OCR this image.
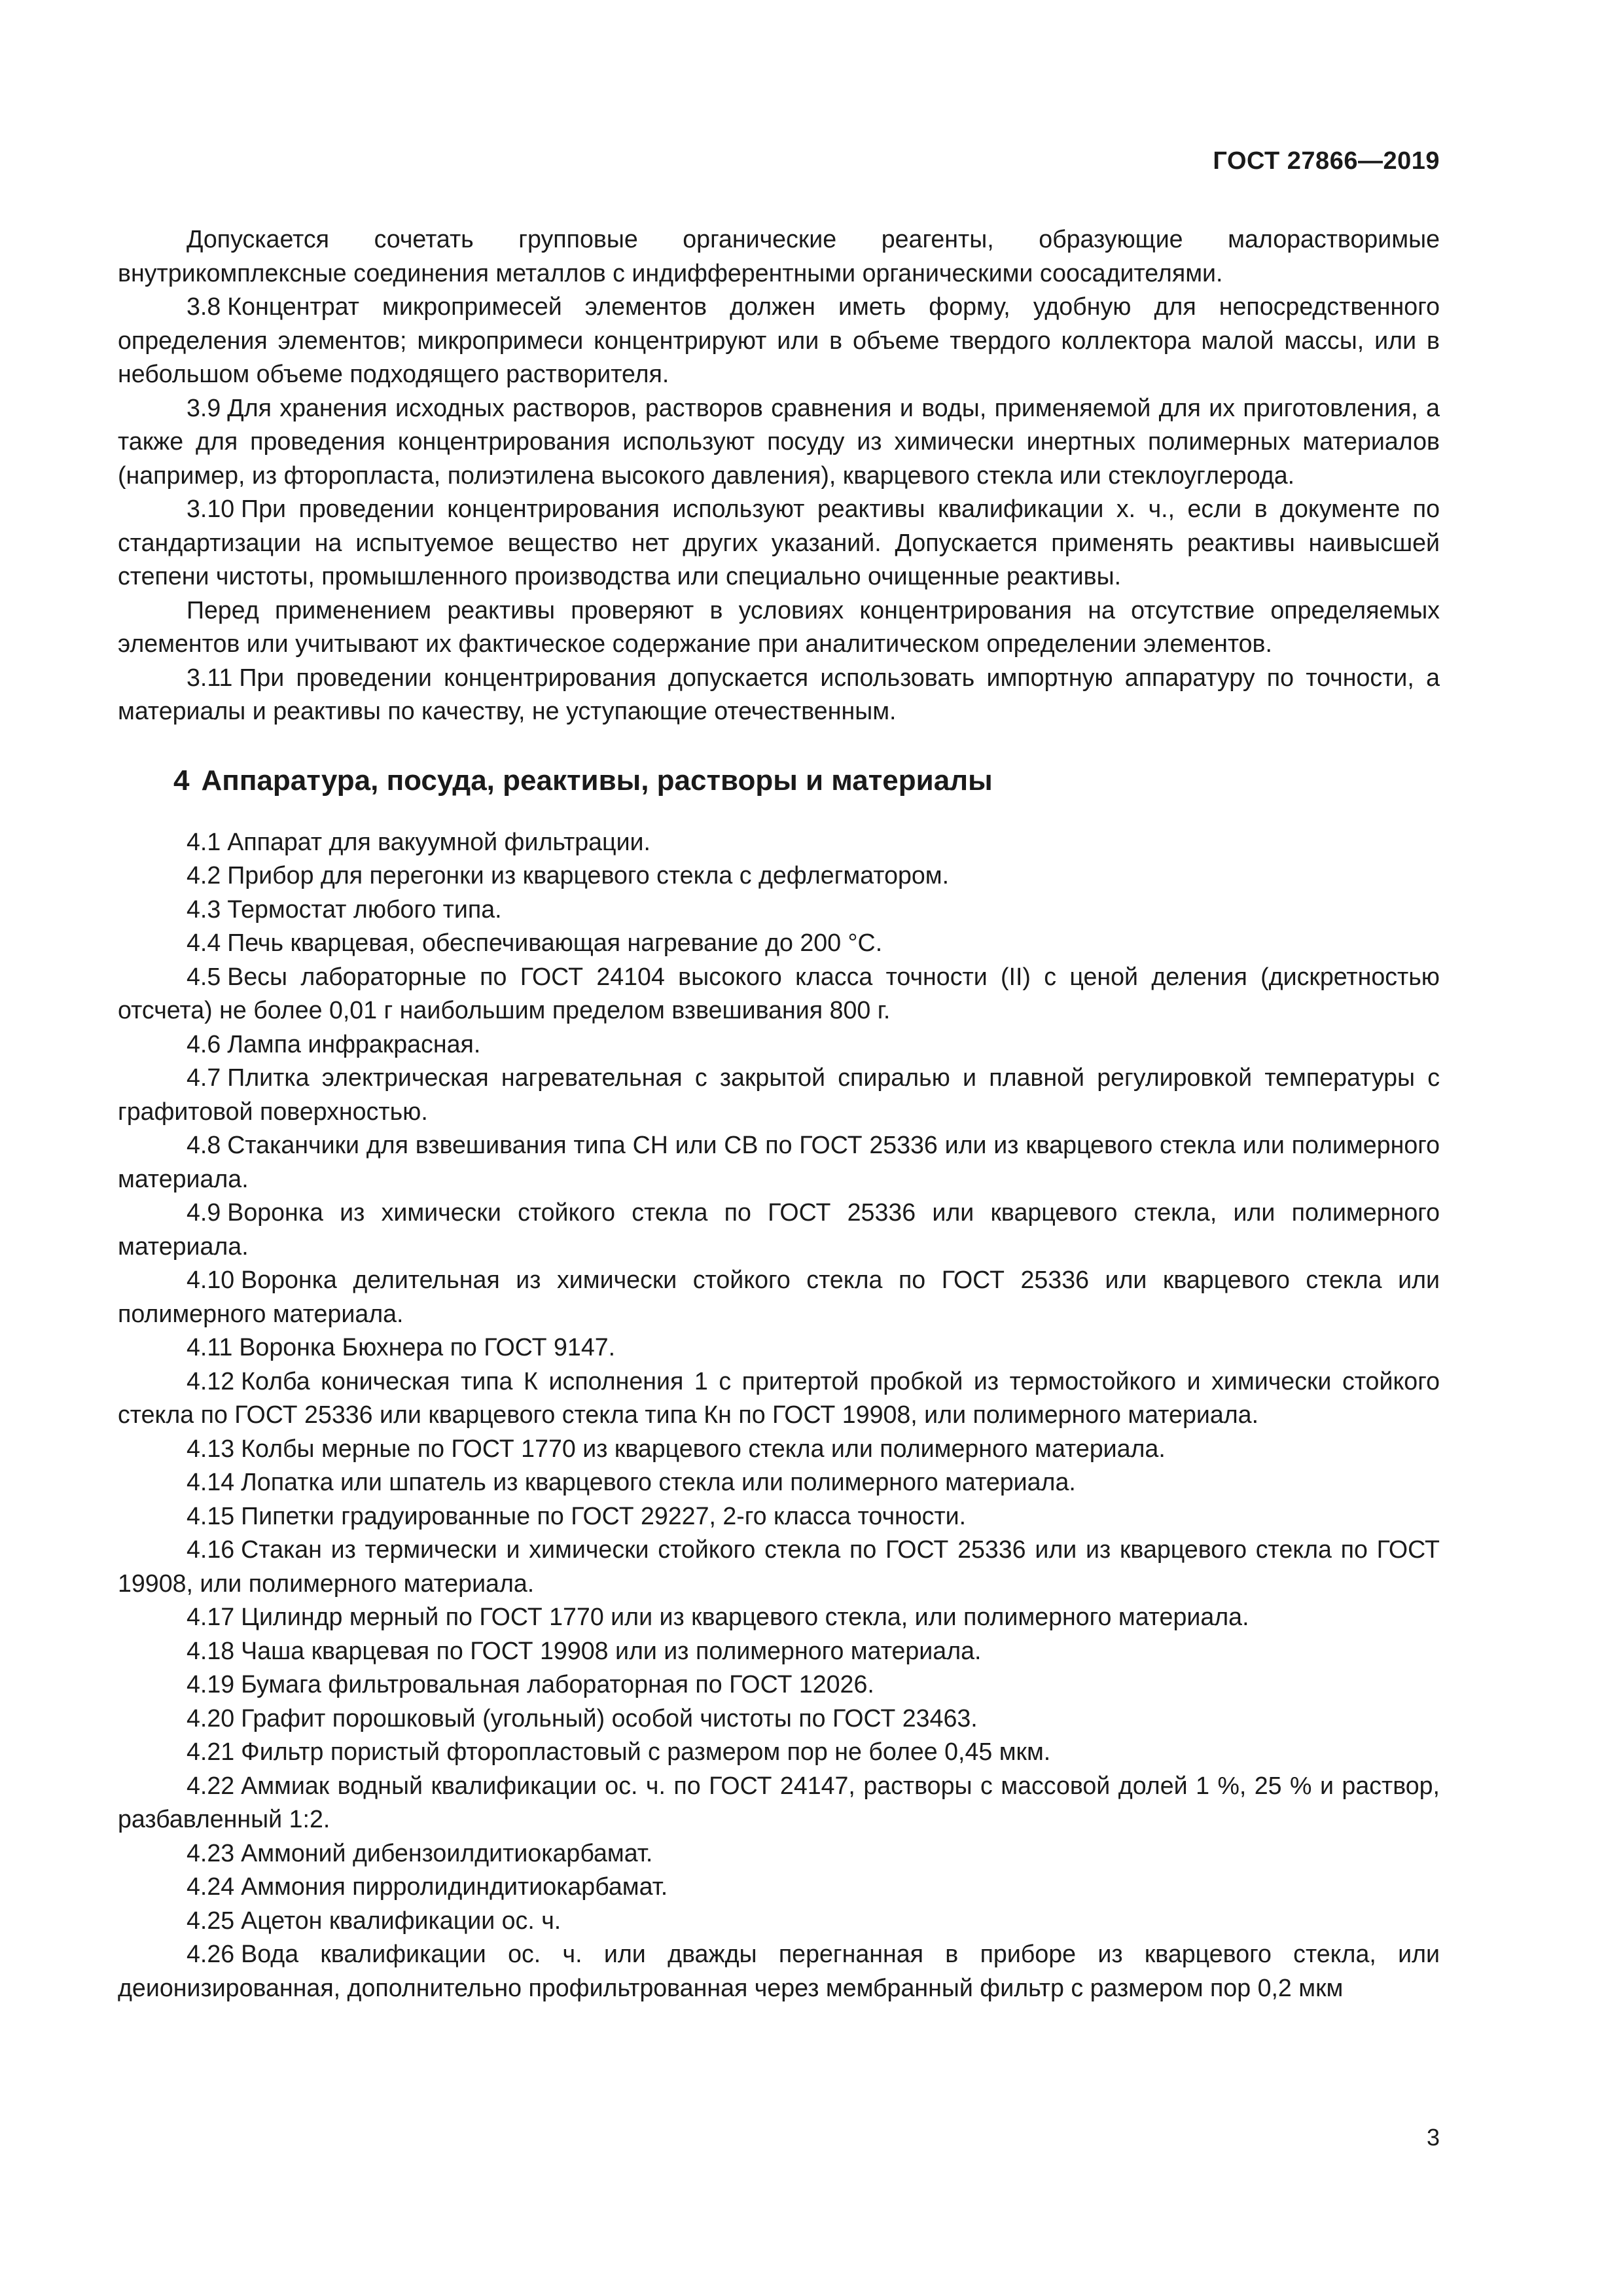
ГОСТ 27866—2019

Допускается сочетать групповые органические реагенты, образующие малорастворимые внутрикомплексные соединения металлов с индифферентными органическими соосадителями.

3.8 Концентрат микропримесей элементов должен иметь форму, удобную для непосредственного определения элементов; микропримеси концентрируют или в объеме твердого коллектора малой массы, или в небольшом объеме подходящего растворителя.

3.9 Для хранения исходных растворов, растворов сравнения и воды, применяемой для их приготовления, а также для проведения концентрирования используют посуду из химически инертных полимерных материалов (например, из фторопласта, полиэтилена высокого давления), кварцевого стекла или стеклоуглерода.

3.10 При проведении концентрирования используют реактивы квалификации х. ч., если в документе по стандартизации на испытуемое вещество нет других указаний. Допускается применять реактивы наивысшей степени чистоты, промышленного производства или специально очищенные реактивы.

Перед применением реактивы проверяют в условиях концентрирования на отсутствие определяемых элементов или учитывают их фактическое содержание при аналитическом определении элементов.

3.11 При проведении концентрирования допускается использовать импортную аппаратуру по точности, а материалы и реактивы по качеству, не уступающие отечественным.

4 Аппаратура, посуда, реактивы, растворы и материалы

4.1 Аппарат для вакуумной фильтрации.

4.2 Прибор для перегонки из кварцевого стекла с дефлегматором.

4.3 Термостат любого типа.

4.4 Печь кварцевая, обеспечивающая нагревание до 200 °С.

4.5 Весы лабораторные по ГОСТ 24104 высокого класса точности (II) с ценой деления (дискретностью отсчета) не более 0,01 г наибольшим пределом взвешивания 800 г.

4.6 Лампа инфракрасная.

4.7 Плитка электрическая нагревательная с закрытой спиралью и плавной регулировкой температуры с графитовой поверхностью.

4.8 Стаканчики для взвешивания типа СН или СВ по ГОСТ 25336 или из кварцевого стекла или полимерного материала.

4.9 Воронка из химически стойкого стекла по ГОСТ 25336 или кварцевого стекла, или полимерного материала.

4.10 Воронка делительная из химически стойкого стекла по ГОСТ 25336 или кварцевого стекла или полимерного материала.

4.11 Воронка Бюхнера по ГОСТ 9147.

4.12 Колба коническая типа К исполнения 1 с притертой пробкой из термостойкого и химически стойкого стекла по ГОСТ 25336 или кварцевого стекла типа Кн по ГОСТ 19908, или полимерного материала.

4.13 Колбы мерные по ГОСТ 1770 из кварцевого стекла или полимерного материала.

4.14 Лопатка или шпатель из кварцевого стекла или полимерного материала.

4.15 Пипетки градуированные по ГОСТ 29227, 2-го класса точности.

4.16 Стакан из термически и химически стойкого стекла по ГОСТ 25336 или из кварцевого стекла по ГОСТ 19908, или полимерного материала.

4.17 Цилиндр мерный по ГОСТ 1770 или из кварцевого стекла, или полимерного материала.

4.18 Чаша кварцевая по ГОСТ 19908 или из полимерного материала.

4.19 Бумага фильтровальная лабораторная по ГОСТ 12026.

4.20 Графит порошковый (угольный) особой чистоты по ГОСТ 23463.

4.21 Фильтр пористый фторопластовый с размером пор не более 0,45 мкм.

4.22 Аммиак водный квалификации ос. ч. по ГОСТ 24147, растворы с массовой долей 1 %, 25 % и раствор, разбавленный 1:2.

4.23 Аммоний дибензоилдитиокарбамат.

4.24 Аммония пирролидиндитиокарбамат.

4.25 Ацетон квалификации ос. ч.

4.26 Вода квалификации ос. ч. или дважды перегнанная в приборе из кварцевого стекла, или деионизированная, дополнительно профильтрованная через мембранный фильтр с размером пор 0,2 мкм

3
